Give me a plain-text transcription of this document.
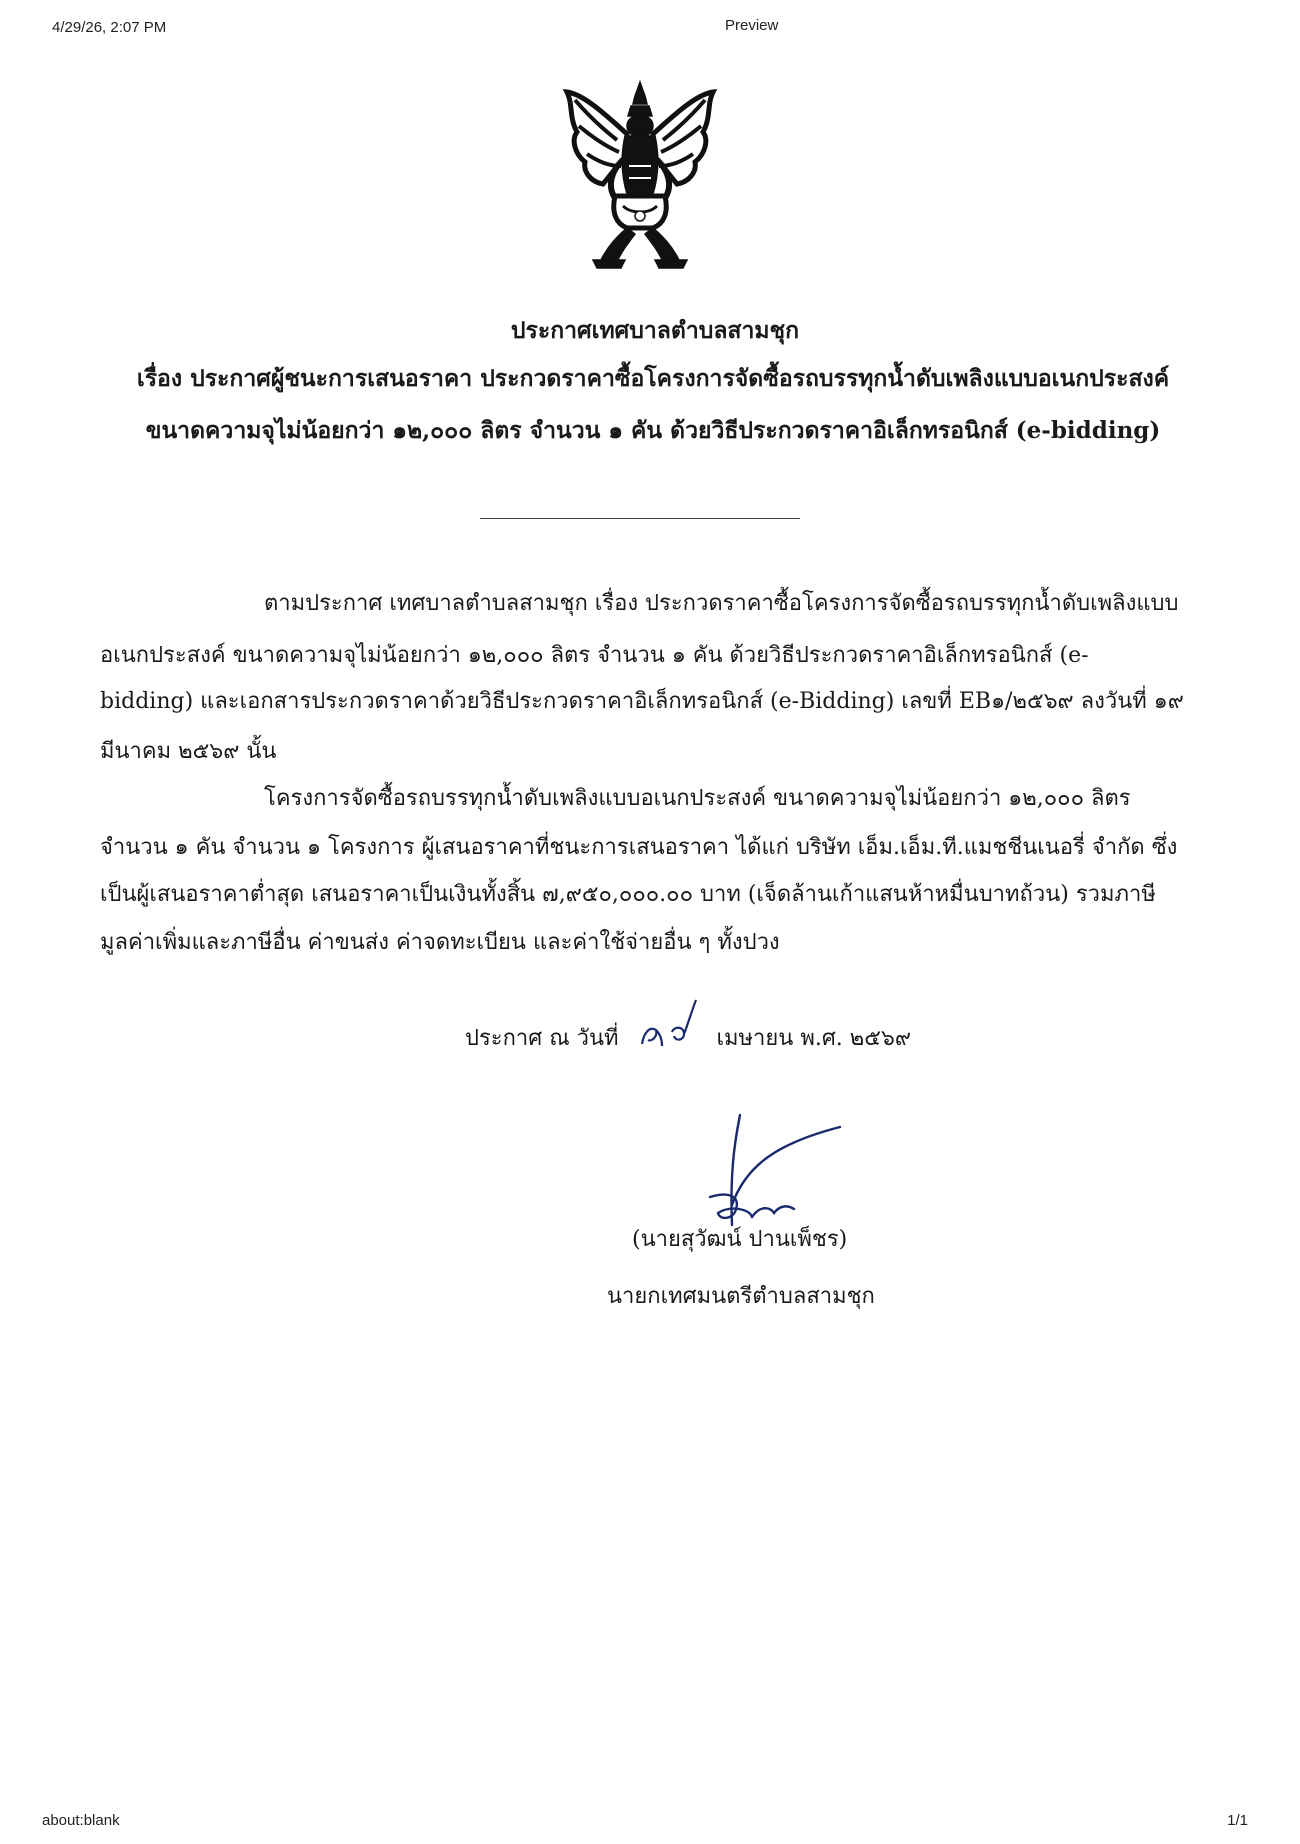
4/29/26, 2:07 PM	Preview
ประกาศเทศบาลตำบลสามชุก
เรื่อง ประกาศผู้ชนะการเสนอราคา ประกวดราคาซื้อโครงการจัดซื้อรถบรรทุกน้ำดับเพลิงแบบอเนกประสงค์
ขนาดความจุไม่น้อยกว่า ๑๒,๐๐๐ ลิตร จำนวน ๑ คัน ด้วยวิธีประกวดราคาอิเล็กทรอนิกส์ (e-bidding)
ตามประกาศ เทศบาลตำบลสามชุก เรื่อง ประกวดราคาซื้อโครงการจัดซื้อรถบรรทุกน้ำดับเพลิงแบบ
อเนกประสงค์ ขนาดความจุไม่น้อยกว่า ๑๒,๐๐๐ ลิตร จำนวน ๑ คัน ด้วยวิธีประกวดราคาอิเล็กทรอนิกส์ (e-
bidding) และเอกสารประกวดราคาด้วยวิธีประกวดราคาอิเล็กทรอนิกส์ (e-Bidding) เลขที่ EB๑/๒๕๖๙ ลงวันที่ ๑๙
มีนาคม ๒๕๖๙ นั้น
โครงการจัดซื้อรถบรรทุกน้ำดับเพลิงแบบอเนกประสงค์ ขนาดความจุไม่น้อยกว่า ๑๒,๐๐๐ ลิตร
จำนวน ๑ คัน จำนวน ๑ โครงการ ผู้เสนอราคาที่ชนะการเสนอราคา ได้แก่ บริษัท เอ็ม.เอ็ม.ที.แมชชีนเนอรี่ จำกัด ซึ่ง
เป็นผู้เสนอราคาต่ำสุด เสนอราคาเป็นเงินทั้งสิ้น ๗,๙๕๐,๐๐๐.๐๐ บาท (เจ็ดล้านเก้าแสนห้าหมื่นบาทถ้วน) รวมภาษี
มูลค่าเพิ่มและภาษีอื่น ค่าขนส่ง ค่าจดทะเบียน และค่าใช้จ่ายอื่น ๆ ทั้งปวง
ประกาศ ณ วันที่	เมษายน พ.ศ. ๒๕๖๙
(นายสุวัฒน์ ปานเพ็ชร)
นายกเทศมนตรีตำบลสามชุก
about:blank	1/1
